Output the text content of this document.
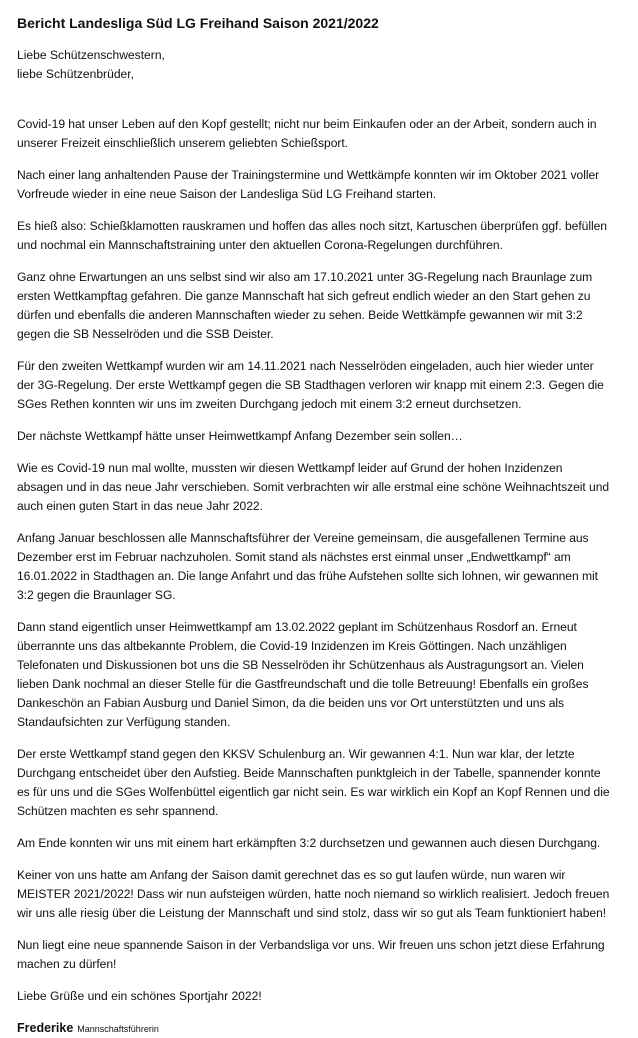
Bericht Landesliga Süd LG Freihand Saison 2021/2022
Liebe Schützenschwestern,
liebe Schützenbrüder,
Covid-19 hat unser Leben auf den Kopf gestellt; nicht nur beim Einkaufen oder an der Arbeit, sondern auch in
unserer Freizeit einschließlich unserem geliebten Schießsport.
Nach einer lang anhaltenden Pause der Trainingstermine und Wettkämpfe konnten wir im Oktober 2021 voller
Vorfreude wieder in eine neue Saison der Landesliga Süd LG Freihand starten.
Es hieß also: Schießklamotten rauskramen und hoffen das alles noch sitzt, Kartuschen überprüfen ggf. befüllen
und nochmal ein Mannschaftstraining unter den aktuellen Corona-Regelungen durchführen.
Ganz ohne Erwartungen an uns selbst sind wir also am 17.10.2021 unter 3G-Regelung nach Braunlage zum
ersten Wettkampftag gefahren. Die ganze Mannschaft hat sich gefreut endlich wieder an den Start gehen zu
dürfen und ebenfalls die anderen Mannschaften wieder zu sehen. Beide Wettkämpfe gewannen wir mit 3:2
gegen die SB Nesselröden und die SSB Deister.
Für den zweiten Wettkampf wurden wir am 14.11.2021 nach Nesselröden eingeladen, auch hier wieder unter
der 3G-Regelung. Der erste Wettkampf gegen die SB Stadthagen verloren wir knapp mit einem 2:3. Gegen die
SGes Rethen konnten wir uns im zweiten Durchgang jedoch mit einem 3:2 erneut durchsetzen.
Der nächste Wettkampf hätte unser Heimwettkampf Anfang Dezember sein sollen…
Wie es Covid-19 nun mal wollte, mussten wir diesen Wettkampf leider auf Grund der hohen Inzidenzen
absagen und in das neue Jahr verschieben. Somit verbrachten wir alle erstmal eine schöne Weihnachtszeit und
auch einen guten Start in das neue Jahr 2022.
Anfang Januar beschlossen alle Mannschaftsführer der Vereine gemeinsam, die ausgefallenen Termine aus
Dezember erst im Februar nachzuholen. Somit stand als nächstes erst einmal unser „Endwettkampf“ am
16.01.2022 in Stadthagen an. Die lange Anfahrt und das frühe Aufstehen sollte sich lohnen, wir gewannen mit
3:2 gegen die Braunlager SG.
Dann stand eigentlich unser Heimwettkampf am 13.02.2022 geplant im Schützenhaus Rosdorf an. Erneut
überrannte uns das altbekannte Problem, die Covid-19 Inzidenzen im Kreis Göttingen. Nach unzähligen
Telefonaten und Diskussionen bot uns die SB Nesselröden ihr Schützenhaus als Austragungsort an. Vielen
lieben Dank nochmal an dieser Stelle für die Gastfreundschaft und die tolle Betreuung! Ebenfalls ein großes
Dankeschön an Fabian Ausburg und Daniel Simon, da die beiden uns vor Ort unterstützten und uns als
Standaufsichten zur Verfügung standen.
Der erste Wettkampf stand gegen den KKSV Schulenburg an. Wir gewannen 4:1. Nun war klar, der letzte
Durchgang entscheidet über den Aufstieg. Beide Mannschaften punktgleich in der Tabelle, spannender konnte
es für uns und die SGes Wolfenbüttel eigentlich gar nicht sein. Es war wirklich ein Kopf an Kopf Rennen und die
Schützen machten es sehr spannend.
Am Ende konnten wir uns mit einem hart erkämpften 3:2 durchsetzen und gewannen auch diesen Durchgang.
Keiner von uns hatte am Anfang der Saison damit gerechnet das es so gut laufen würde, nun waren wir
MEISTER 2021/2022! Dass wir nun aufsteigen würden, hatte noch niemand so wirklich realisiert. Jedoch freuen
wir uns alle riesig über die Leistung der Mannschaft und sind stolz, dass wir so gut als Team funktioniert haben!
Nun liegt eine neue spannende Saison in der Verbandsliga vor uns. Wir freuen uns schon jetzt diese Erfahrung
machen zu dürfen!
Liebe Grüße und ein schönes Sportjahr 2022!
Frederike Mannschaftsführerin
